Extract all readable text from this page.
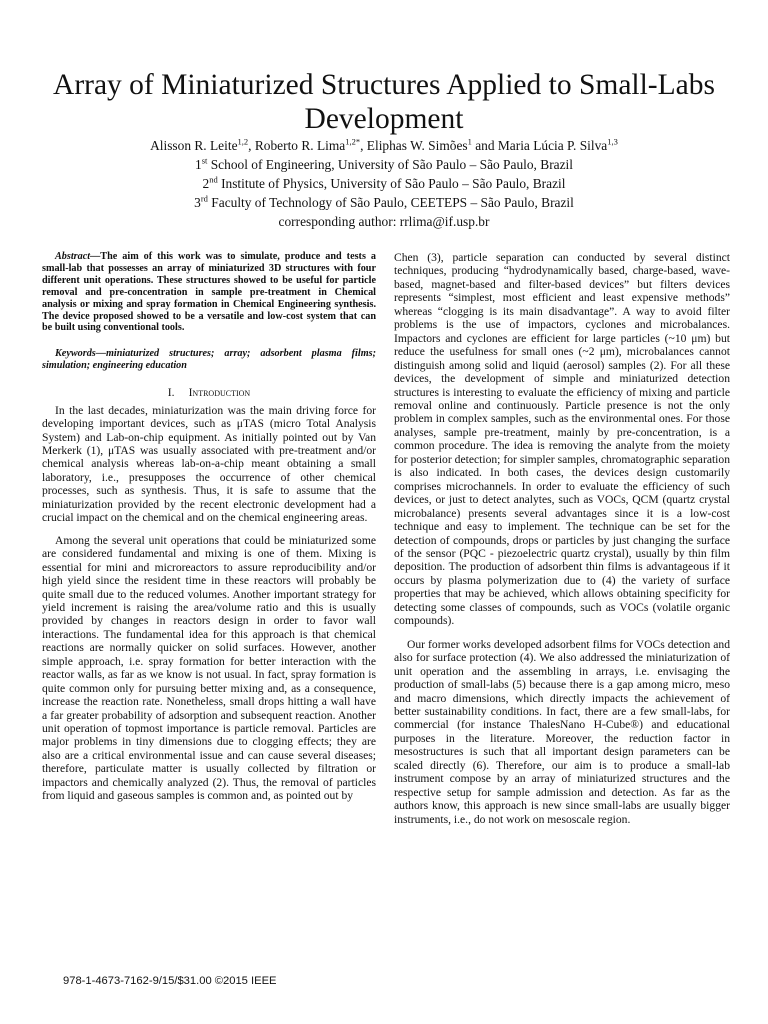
Array of Miniaturized Structures Applied to Small-Labs Development
Alisson R. Leite$^{1,2}$, Roberto R. Lima$^{1,2*}$, Eliphas W. Simões$^1$ and Maria Lúcia P. Silva$^{1,3}$
1st School of Engineering, University of São Paulo – São Paulo, Brazil
2nd Institute of Physics, University of São Paulo – São Paulo, Brazil
3rd Faculty of Technology of São Paulo, CEETEPS – São Paulo, Brazil
corresponding author: rrlima@if.usp.br

Abstract—The aim of this work was to simulate, produce and tests a small-lab that possesses an array of miniaturized 3D structures with four different unit operations. These structures showed to be useful for particle removal and pre-concentration in sample pre-treatment in Chemical analysis or mixing and spray formation in Chemical Engineering synthesis. The device proposed showed to be a versatile and low-cost system that can be built using conventional tools.

Keywords—miniaturized structures; array; adsorbent plasma films; simulation; engineering education

I. Introduction

In the last decades, miniaturization was the main driving force for developing important devices, such as μTAS (micro Total Analysis System) and Lab-on-chip equipment. As initially pointed out by Van Merkerk (1), μTAS was usually associated with pre-treatment and/or chemical analysis whereas lab-on-a-chip meant obtaining a small laboratory, i.e., presupposes the occurrence of other chemical processes, such as synthesis. Thus, it is safe to assume that the miniaturization provided by the recent electronic development had a crucial impact on the chemical and on the chemical engineering areas.

Among the several unit operations that could be miniaturized some are considered fundamental and mixing is one of them. Mixing is essential for mini and microreactors to assure reproducibility and/or high yield since the resident time in these reactors will probably be quite small due to the reduced volumes. Another important strategy for yield increment is raising the area/volume ratio and this is usually provided by changes in reactors design in order to favor wall interactions. The fundamental idea for this approach is that chemical reactions are normally quicker on solid surfaces. However, another simple approach, i.e. spray formation for better interaction with the reactor walls, as far as we know is not usual. In fact, spray formation is quite common only for pursuing better mixing and, as a consequence, increase the reaction rate. Nonetheless, small drops hitting a wall have a far greater probability of adsorption and subsequent reaction. Another unit operation of topmost importance is particle removal. Particles are major problems in tiny dimensions due to clogging effects; they are also are a critical environmental issue and can cause several diseases; therefore, particulate matter is usually collected by filtration or impactors and chemically analyzed (2). Thus, the removal of particles from liquid and gaseous samples is common and, as pointed out by

Chen (3), particle separation can conducted by several distinct techniques, producing “hydrodynamically based, charge-based, wave-based, magnet-based and filter-based devices” but filters devices represents “simplest, most efficient and least expensive methods” whereas “clogging is its main disadvantage”. A way to avoid filter problems is the use of impactors, cyclones and microbalances. Impactors and cyclones are efficient for large particles (~10 μm) but reduce the usefulness for small ones (~2 μm), microbalances cannot distinguish among solid and liquid (aerosol) samples (2). For all these devices, the development of simple and miniaturized detection structures is interesting to evaluate the efficiency of mixing and particle removal online and continuously. Particle presence is not the only problem in complex samples, such as the environmental ones. For those analyses, sample pre-treatment, mainly by pre-concentration, is a common procedure. The idea is removing the analyte from the moiety for posterior detection; for simpler samples, chromatographic separation is also indicated. In both cases, the devices design customarily comprises microchannels. In order to evaluate the efficiency of such devices, or just to detect analytes, such as VOCs, QCM (quartz crystal microbalance) presents several advantages since it is a low-cost technique and easy to implement. The technique can be set for the detection of compounds, drops or particles by just changing the surface of the sensor (PQC - piezoelectric quartz crystal), usually by thin film deposition. The production of adsorbent thin films is advantageous if it occurs by plasma polymerization due to (4) the variety of surface properties that may be achieved, which allows obtaining specificity for detecting some classes of compounds, such as VOCs (volatile organic compounds).

Our former works developed adsorbent films for VOCs detection and also for surface protection (4). We also addressed the miniaturization of unit operation and the assembling in arrays, i.e. envisaging the production of small-labs (5) because there is a gap among micro, meso and macro dimensions, which directly impacts the achievement of better sustainability conditions. In fact, there are a few small-labs, for commercial (for instance ThalesNano H-Cube®) and educational purposes in the literature. Moreover, the reduction factor in mesostructures is such that all important design parameters can be scaled directly (6). Therefore, our aim is to produce a small-lab instrument compose by an array of miniaturized structures and the respective setup for sample admission and detection. As far as the authors know, this approach is new since small-labs are usually bigger instruments, i.e., do not work on mesoscale region.

978-1-4673-7162-9/15/$31.00 ©2015 IEEE
